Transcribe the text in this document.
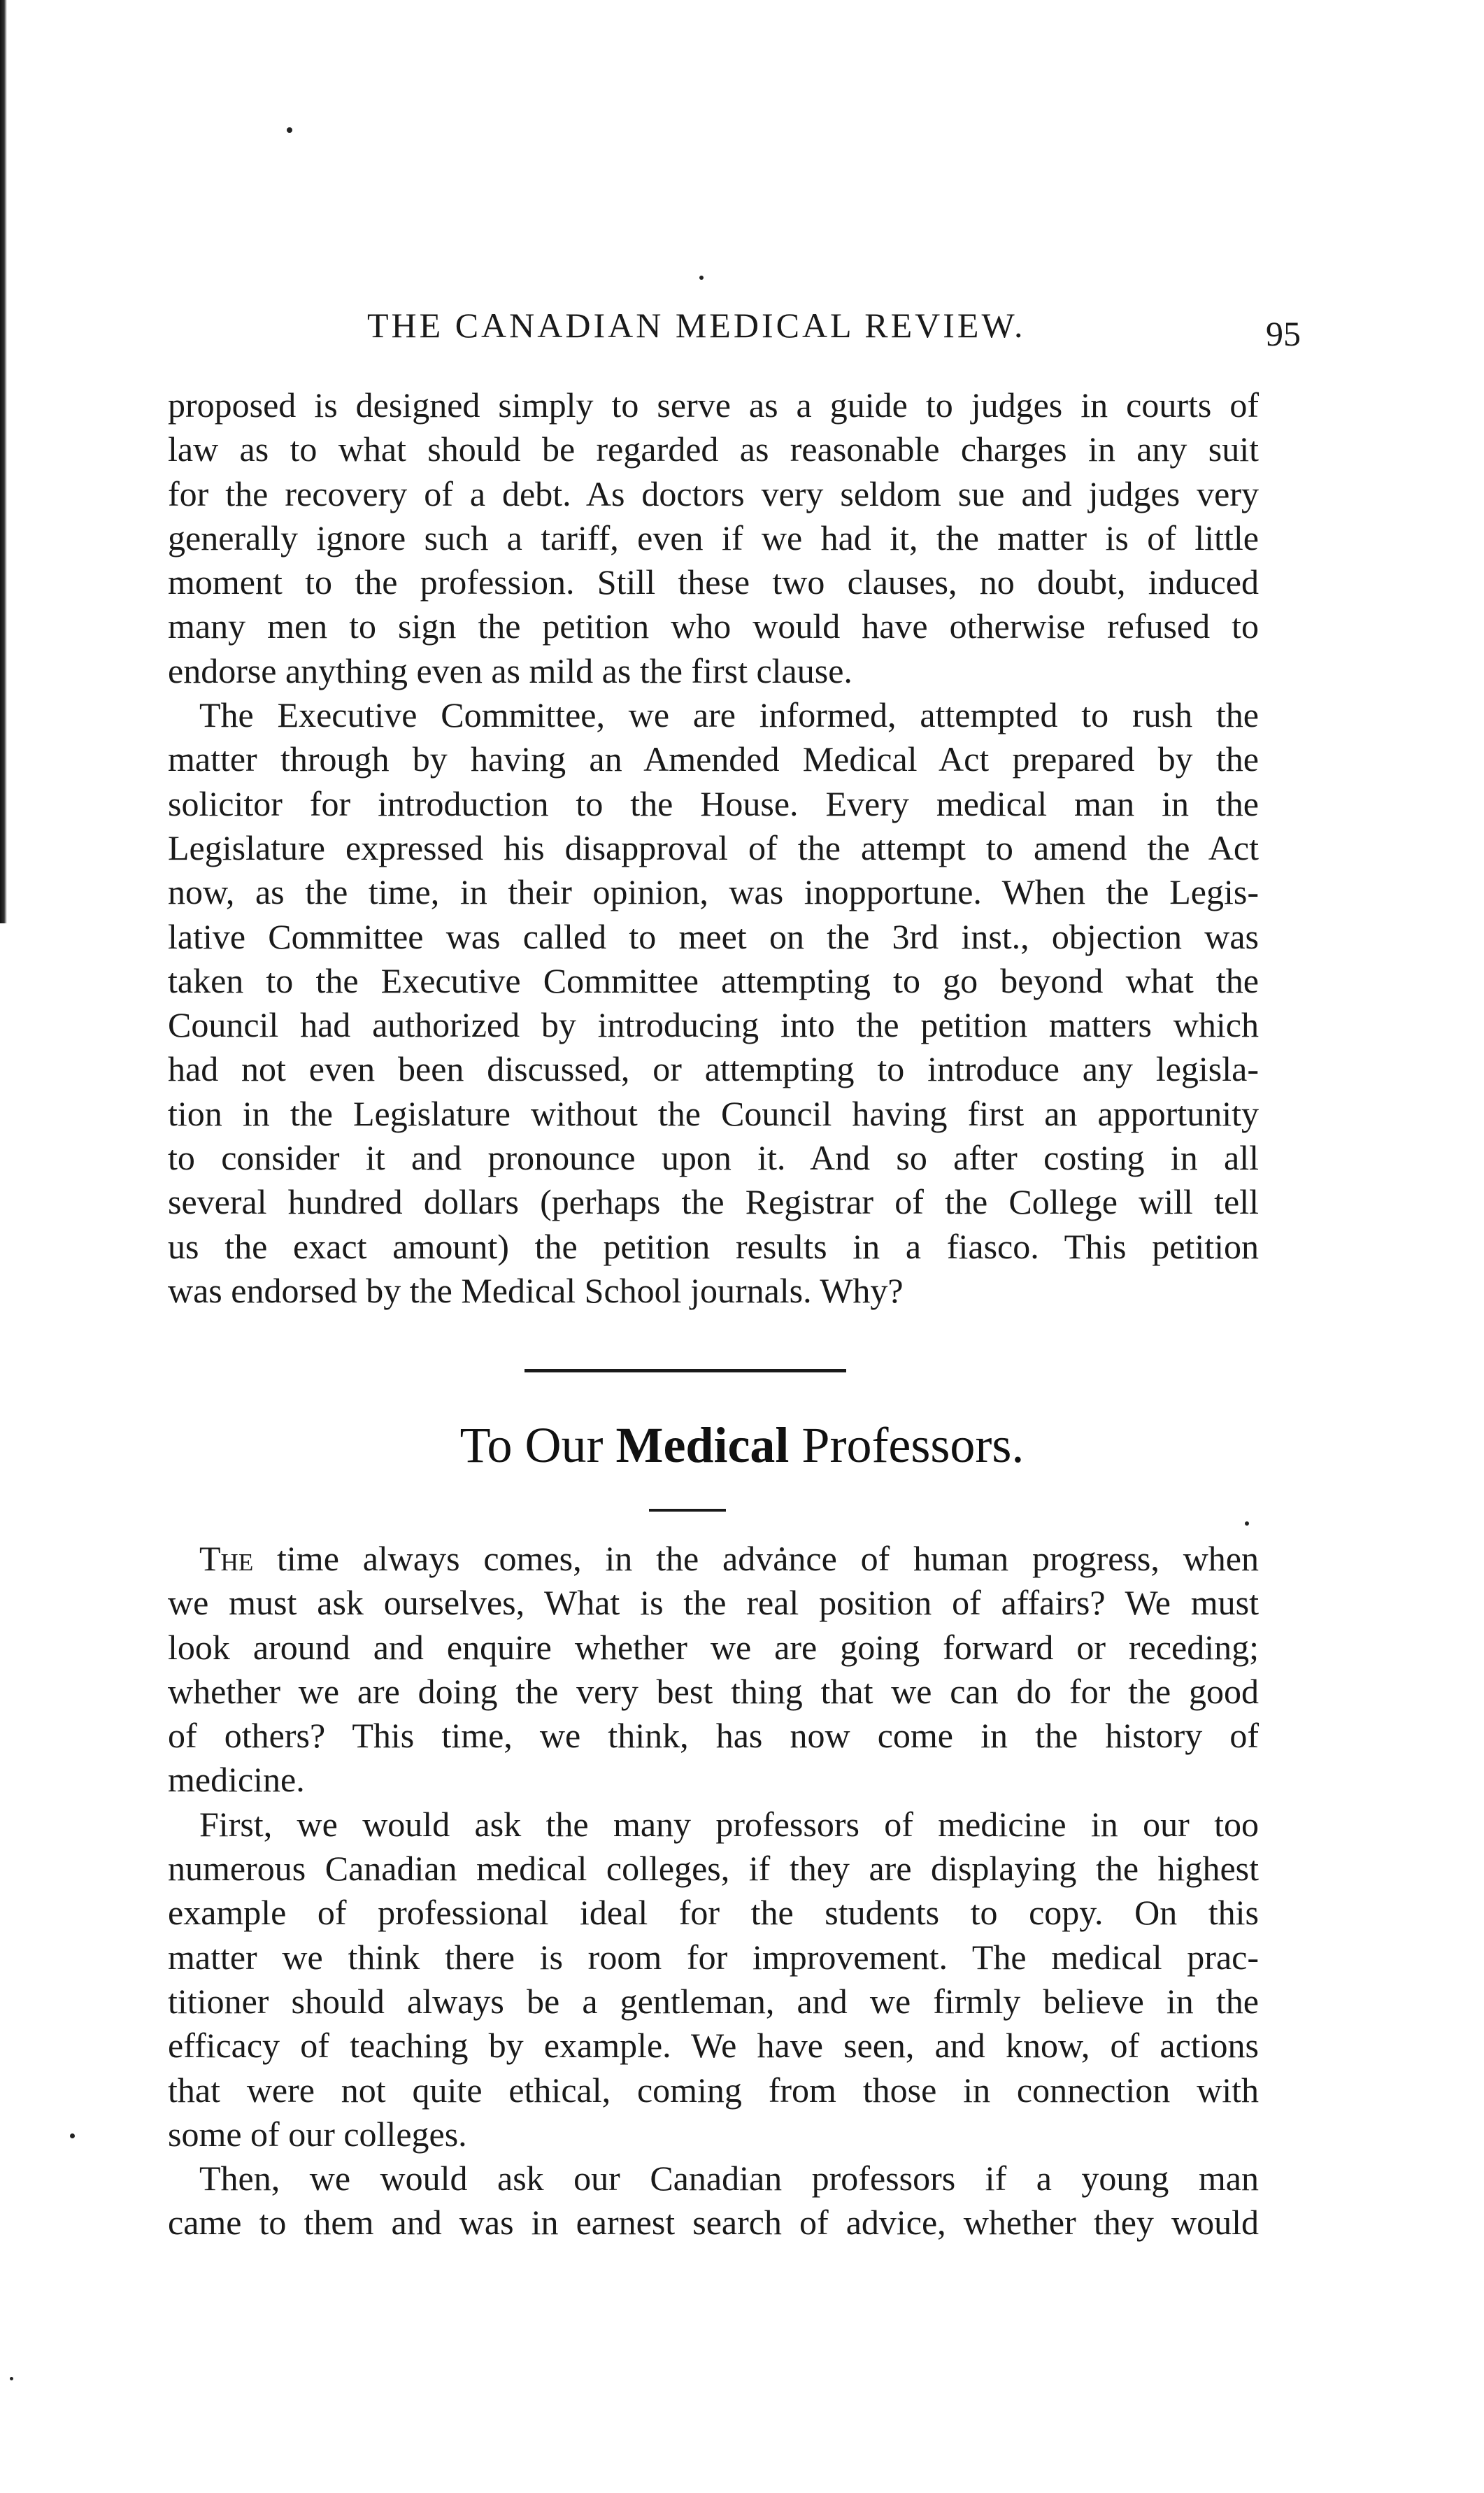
THE CANADIAN MEDICAL REVIEW.	95
proposed is designed simply to serve as a guide to judges in courts of
law as to what should be regarded as reasonable charges in any suit
for the recovery of a debt. As doctors very seldom sue and judges very
generally ignore such a tariff, even if we had it, the matter is of little
moment to the profession. Still these two clauses, no doubt, induced
many men to sign the petition who would have otherwise refused to
endorse anything even as mild as the first clause.
The Executive Committee, we are informed, attempted to rush the
matter through by having an Amended Medical Act prepared by the
solicitor for introduction to the House. Every medical man in the
Legislature expressed his disapproval of the attempt to amend the Act
now, as the time, in their opinion, was inopportune. When the Legis-
lative Committee was called to meet on the 3rd inst., objection was
taken to the Executive Committee attempting to go beyond what the
Council had authorized by introducing into the petition matters which
had not even been discussed, or attempting to introduce any legisla-
tion in the Legislature without the Council having first an apportunity
to consider it and pronounce upon it. And so after costing in all
several hundred dollars (perhaps the Registrar of the College will tell
us the exact amount) the petition results in a fiasco. This petition
was endorsed by the Medical School journals. Why?
To Our Medical Professors.
The time always comes, in the advance of human progress, when
we must ask ourselves, What is the real position of affairs? We must
look around and enquire whether we are going forward or receding;
whether we are doing the very best thing that we can do for the good
of others? This time, we think, has now come in the history of
medicine.
First, we would ask the many professors of medicine in our too
numerous Canadian medical colleges, if they are displaying the highest
example of professional ideal for the students to copy. On this
matter we think there is room for improvement. The medical prac-
titioner should always be a gentleman, and we firmly believe in the
efficacy of teaching by example. We have seen, and know, of actions
that were not quite ethical, coming from those in connection with
some of our colleges.
Then, we would ask our Canadian professors if a young man
came to them and was in earnest search of advice, whether they would
